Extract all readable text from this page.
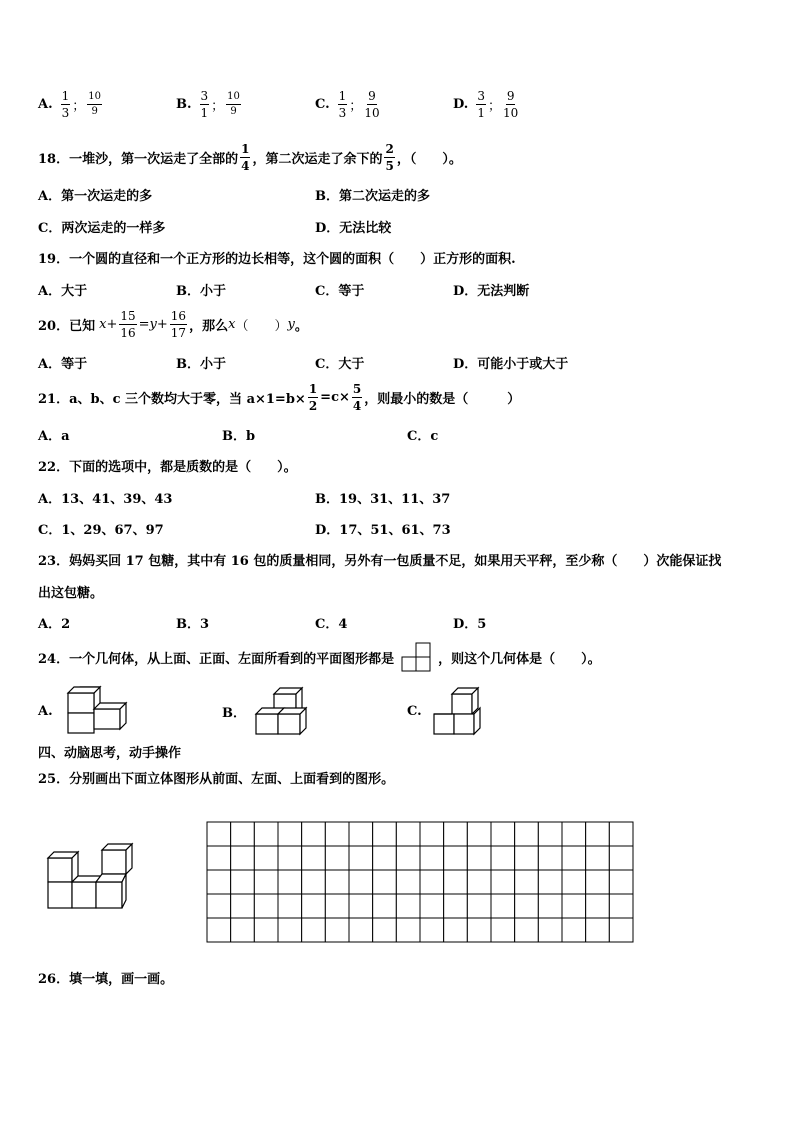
A. $\frac{1}{3}$ ； $\frac{10}{9}$	B. $\frac{3}{1}$ ； $\frac{10}{9}$	C. $\frac{1}{3}$ ； $\frac{9}{10}$	D. $\frac{3}{1}$ ； $\frac{9}{10}$
18．一堆沙，第一次运走了全部的 $\frac{1}{4}$ ，第二次运走了余下的 $\frac{2}{5}$ ，（　　）。
A．第一次运走的多	B．第二次运走的多
C．两次运走的一样多	D．无法比较
19．一个圆的直径和一个正方形的边长相等，这个圆的面积（　　）正方形的面积.
A．大于	B．小于	C．等于	D．无法判断
20．已知 $x + \frac{15}{16} = y + \frac{16}{17}$ ，那么 x （　　） y 。
A．等于	B．小于	C．大于	D．可能小于或大于
21．a、b、c 三个数均大于零，当 $a\times 1=b\times \frac{1}{2} =c\times \frac{5}{4}$ ，则最小的数是（　　　）
A．a	B．b	C．c
22．下面的选项中，都是质数的是（　　）。
A．13、41、39、43	B．19、31、11、37
C．1、29、67、97	D．17、51、61、73
23．妈妈买回 17 包糖，其中有 16 包的质量相同，另外有一包质量不足，如果用天平秤，至少称（　　）次能保证找
出这包糖。
A．2	B．3	C．4	D．5
24．一个几何体，从上面、正面、左面所看到的平面图形都是	，则这个几何体是（　　）。
A.	B．	C.
四、动脑思考，动手操作
25．分别画出下面立体图形从前面、左面、上面看到的图形。
26．填一填，画一画。
